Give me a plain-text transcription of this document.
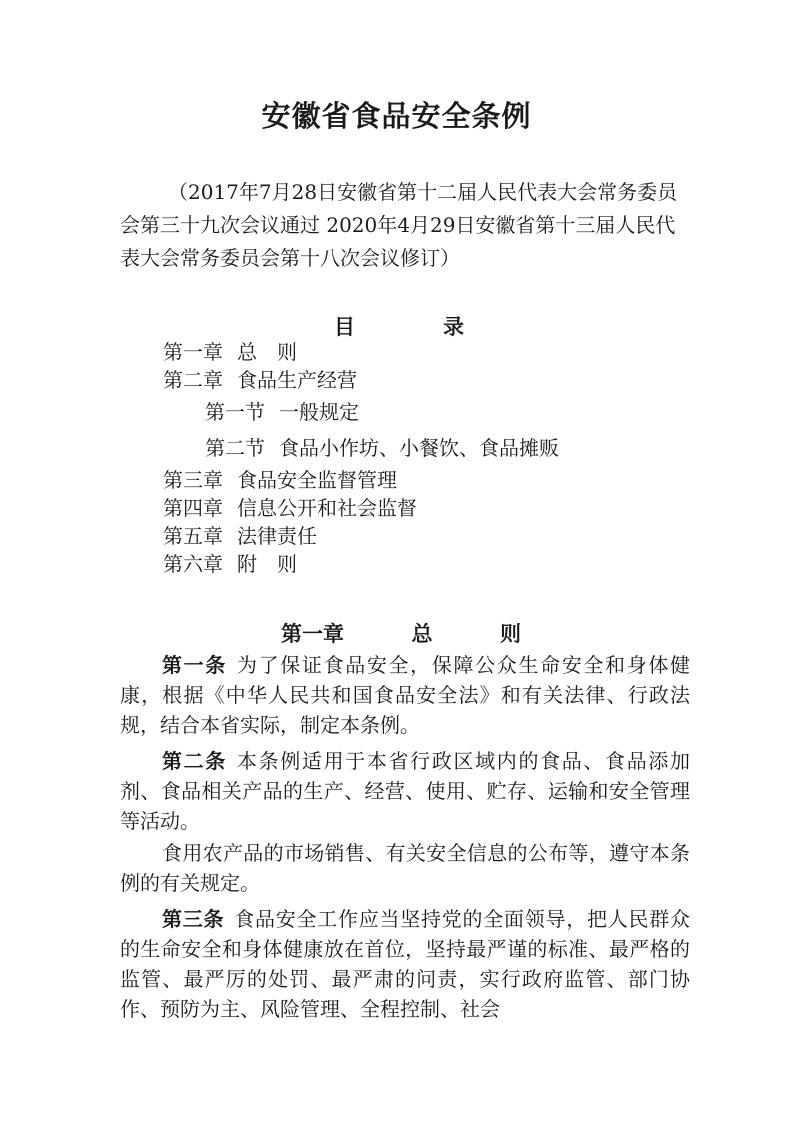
安徽省食品安全条例
（2017年7月28日安徽省第十二届人民代表大会常务委员会第三十九次会议通过 2020年4月29日安徽省第十三届人民代表大会常务委员会第十八次会议修订）
目	录
第一章 总　则
第二章 食品生产经营
第一节 一般规定
第二节 食品小作坊、小餐饮、食品摊贩
第三章 食品安全监督管理
第四章 信息公开和社会监督
第五章 法律责任
第六章 附　则
第一章	总	则

第一条 为了保证食品安全，保障公众生命安全和身体健康，根据《中华人民共和国食品安全法》和有关法律、行政法规，结合本省实际，制定本条例。

第二条 本条例适用于本省行政区域内的食品、食品添加剂、食品相关产品的生产、经营、使用、贮存、运输和安全管理等活动。

食用农产品的市场销售、有关安全信息的公布等，遵守本条例的有关规定。

第三条 食品安全工作应当坚持党的全面领导，把人民群众的生命安全和身体健康放在首位，坚持最严谨的标准、最严格的监管、最严厉的处罚、最严肃的问责，实行政府监管、部门协作、预防为主、风险管理、全程控制、社会
